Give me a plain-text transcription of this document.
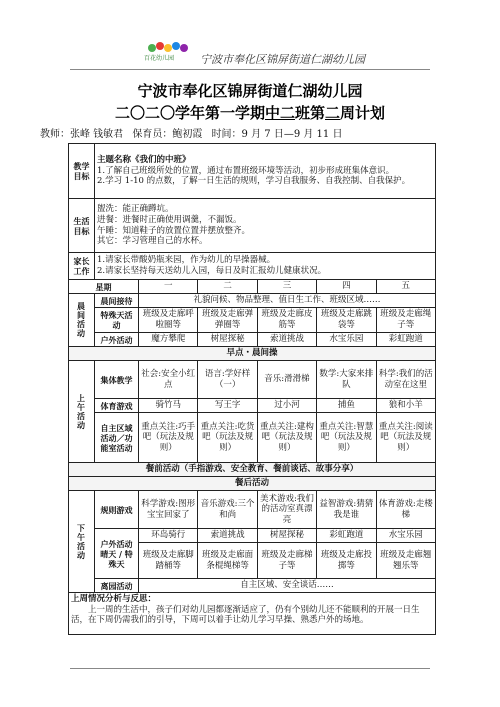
百花幼儿园 宁波市奉化区锦屏街道仁湖幼儿园
宁波市奉化区锦屏街道仁湖幼儿园
二〇二〇学年第一学期中二班第二周计划
教师：张峰 钱敏君 保育员：鲍初霞 时间：9 月 7 日—9 月 11 日
教学目标	主题名称《我们的中班》
1.了解自己班级所处的位置，通过布置班级环境等活动，初步形成班集体意识。
2.学习 1-10 的点数，了解一日生活的规则，学习自我服务、自我控制、自我保护。					

生活目标	盥洗：能正确蹲坑。
进餐：进餐时正确使用调羹，不漏饭。
午睡：知道鞋子的放置位置并摆放整齐。
其它：学习管理自己的水杯。					

家长工作	1.请家长带酸奶瓶来园，作为幼儿的早操器械。
2.请家长坚持每天送幼儿入园，每日及时汇报幼儿健康状况。					

星期		一	二	三	四	五

晨间活动	晨间接待	礼貌问候、物品整理、值日生工作、班级区域……				
	特殊天活动	班级及走廊呼啦圈等	班级及走廊弹弹圈等	班级及走廊皮筋等	班级及走廊跳袋等	班级及走廊绳子等
	户外活动	魔方攀爬	树屋探秘	索道挑战	水宝乐园	彩虹跑道
早点・晨间操						

上午活动	集体教学	社会:安全小红点	语言:学好样（一）	音乐:滑滑梯	数学:大家来排队	科学:我们的活动室在这里
	体育游戏	骑竹马	写王字	过小河	捕鱼	狼和小羊
	自主区域活动／功能室活动	重点关注:巧手吧（玩法及规则）	重点关注:吃货吧（玩法及规则）	重点关注:建构吧（玩法及规则）	重点关注:智慧吧（玩法及规则）	重点关注:阅读吧（玩法及规则）
餐前活动（手指游戏、安全教育、餐前谈话、故事分享）						
餐后活动						

下午活动	规则游戏	科学游戏:图形宝宝回家了	音乐游戏:三个和尚	美术游戏:我们的活动室真漂亮	益智游戏:猜猜我是谁	体育游戏:走楼梯
	户外活动
晴天 / 特殊天	环岛骑行	索道挑战	树屋探秘	彩虹跑道	水宝乐园
		班级及走廊脚踏桶等	班级及走廊面条棍绳梯等	班级及走廊梯子等	班级及走廊投掷等	班级及走廊翘翘乐等
	离园活动	自主区域、安全谈话……				

上周情况分析与反思：
上一周的生活中，孩子们对幼儿园都逐渐适应了，仍有个别幼儿还不能顺利的开展一日生活，在下周仍需我们的引导，下周可以着手让幼儿学习早操、熟悉户外的场地。						
